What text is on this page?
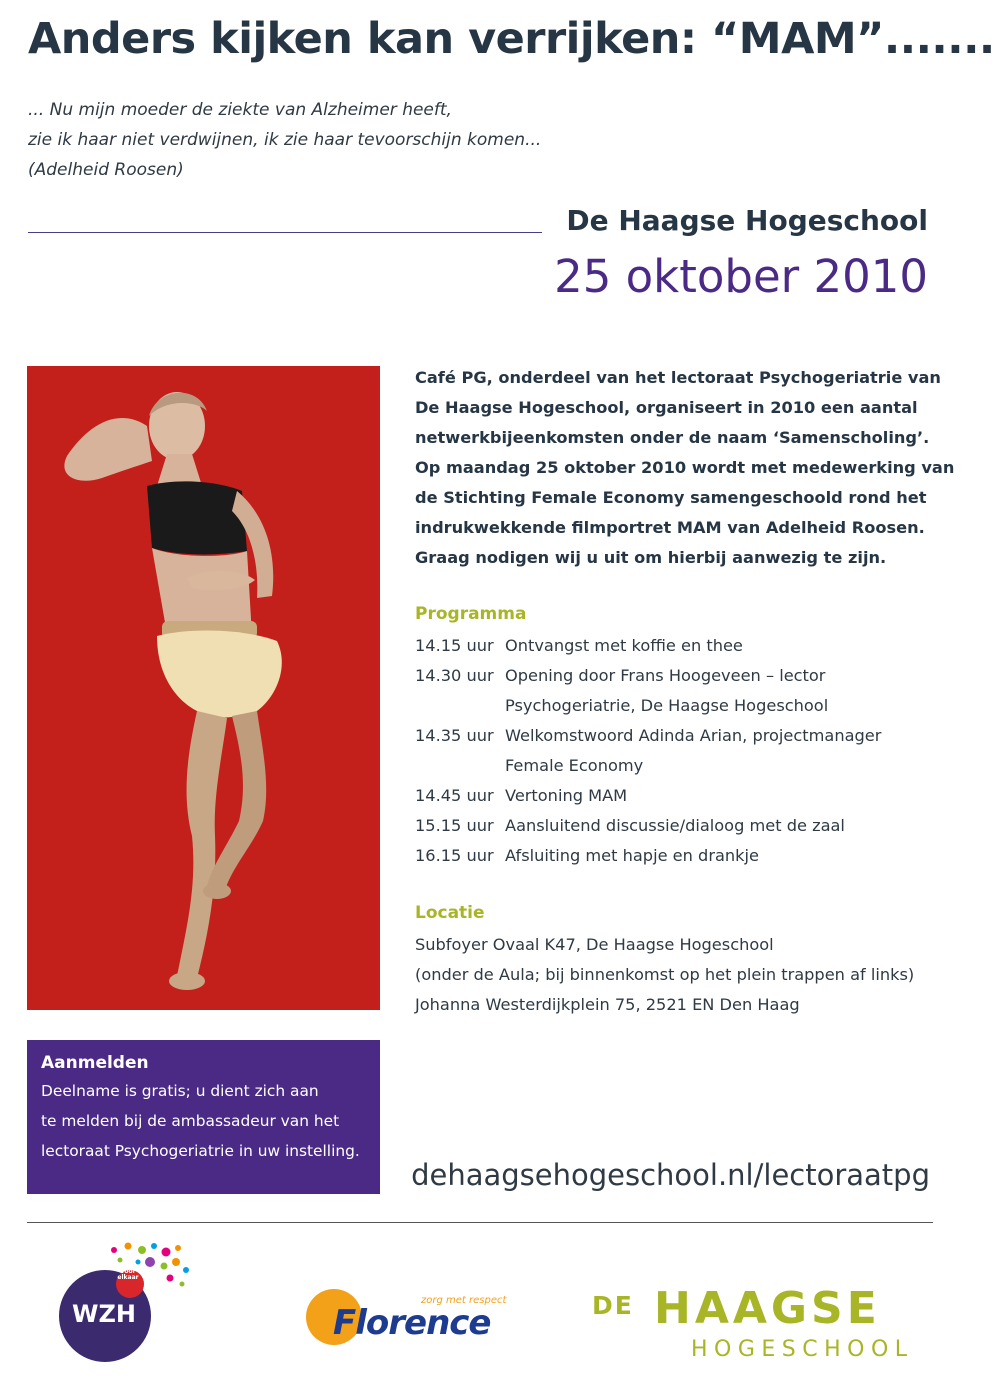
Anders kijken kan verrijken: “MAM”.......
... Nu mijn moeder de ziekte van Alzheimer heeft,
zie ik haar niet verdwijnen, ik zie haar tevoorschijn komen...
(Adelheid Roosen)
De Haagse Hogeschool
25 oktober 2010
Café PG, onderdeel van het lectoraat Psychogeriatrie van
De Haagse Hogeschool, organiseert in 2010 een aantal
netwerkbijeenkomsten onder de naam ‘Samenscholing’.
Op maandag 25 oktober 2010 wordt met medewerking van
de Stichting Female Economy samengeschoold rond het
indrukwekkende filmportret MAM van Adelheid Roosen.
Graag nodigen wij u uit om hierbij aanwezig te zijn.
Programma
14.15 uur Ontvangst met koffie en thee
14.30 uur Opening door Frans Hoogeveen – lector
Psychogeriatrie, De Haagse Hogeschool
14.35 uur Welkomstwoord Adinda Arian, projectmanager
Female Economy
14.45 uur Vertoning MAM
15.15 uur Aansluitend discussie/dialoog met de zaal
16.15 uur Afsluiting met hapje en drankje
Locatie
Subfoyer Ovaal K47, De Haagse Hogeschool
(onder de Aula; bij binnenkomst op het plein trappen af links)
Johanna Westerdijkplein 75, 2521 EN Den Haag
Aanmelden
Deelname is gratis; u dient zich aan
te melden bij de ambassadeur van het
lectoraat Psychogeriatrie in uw instelling.
dehaagsehogeschool.nl/lectoraatpg
voor
elkaar
WZH	zorg met respect
Florence	DE HAAGSE
HOGESCHOOL
